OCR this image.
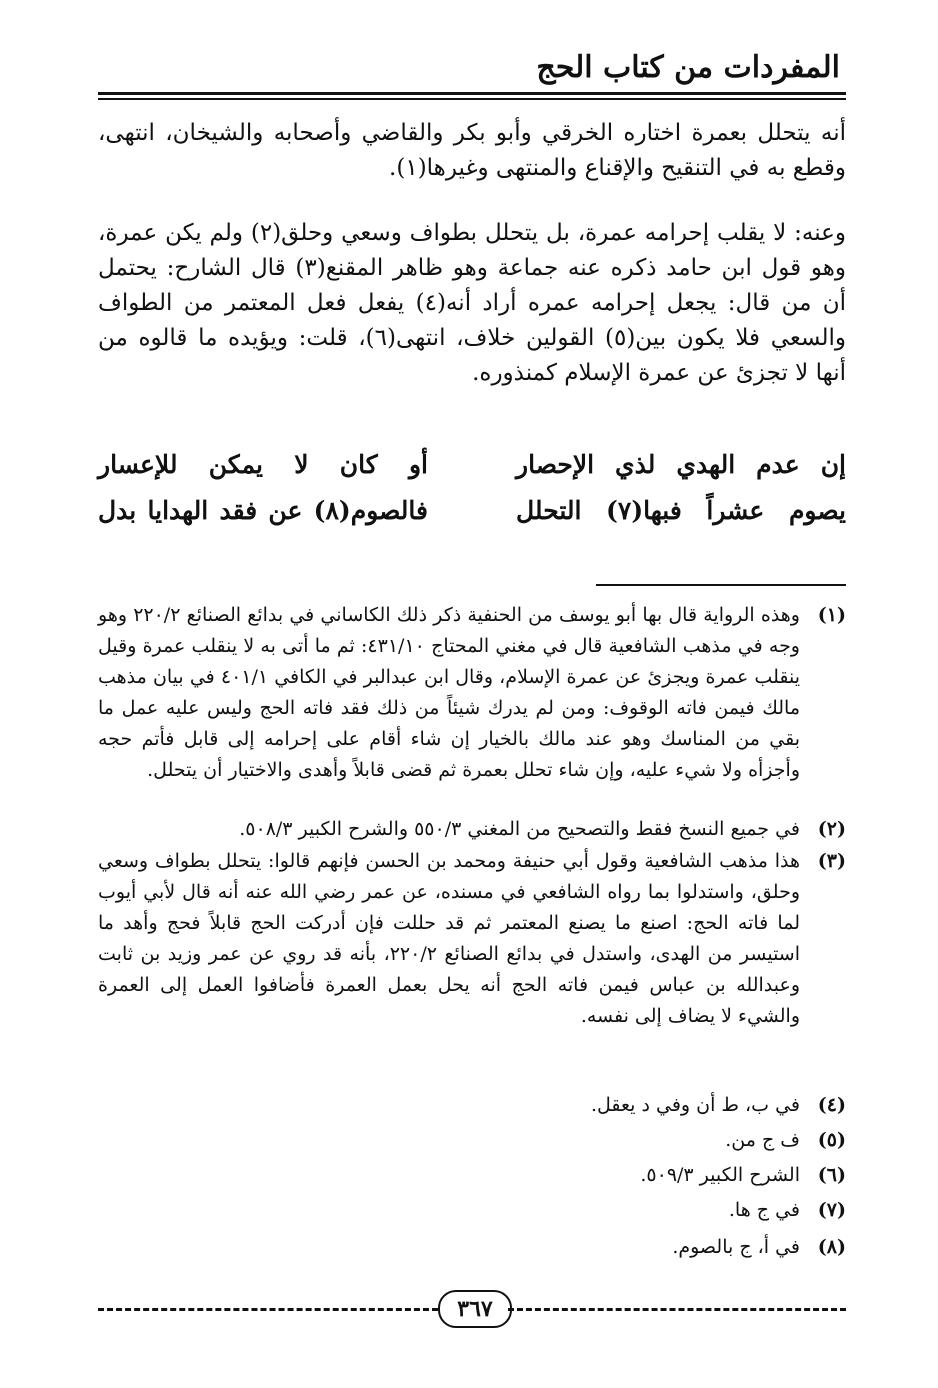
المفردات من كتاب الحج
أنه يتحلل بعمرة اختاره الخرقي وأبو بكر والقاضي وأصحابه والشيخان، انتهى، وقطع به في التنقيح والإقناع والمنتهى وغيرها(١).
وعنه: لا يقلب إحرامه عمرة، بل يتحلل بطواف وسعي وحلق(٢) ولم يكن عمرة، وهو قول ابن حامد ذكره عنه جماعة وهو ظاهر المقنع(٣) قال الشارح: يحتمل أن من قال: يجعل إحرامه عمره أراد أنه(٤) يفعل فعل المعتمر من الطواف والسعي فلا يكون بين(٥) القولين خلاف، انتهى(٦)، قلت: ويؤيده ما قالوه من أنها لا تجزئ عن عمرة الإسلام كمنذوره.
إن عدم الهدي لذي الإحصار
أو كان لا يمكن للإعسار
يصوم عشراً فبها(٧) التحلل
فالصوم(٨) عن فقد الهدايا بدل
(١)
وهذه الرواية قال بها أبو يوسف من الحنفية ذكر ذلك الكاساني في بدائع الصنائع ٢٢٠/٢ وهو وجه في مذهب الشافعية قال في مغني المحتاج ٤٣١/١٠: ثم ما أتى به لا ينقلب عمرة وقيل ينقلب عمرة ويجزئ عن عمرة الإسلام، وقال ابن عبدالبر في الكافي ٤٠١/١ في بيان مذهب مالك فيمن فاته الوقوف: ومن لم يدرك شيئاً من ذلك فقد فاته الحج وليس عليه عمل ما بقي من المناسك وهو عند مالك بالخيار إن شاء أقام على إحرامه إلى قابل فأتم حجه وأجزأه ولا شيء عليه، وإن شاء تحلل بعمرة ثم قضى قابلاً وأهدى والاختيار أن يتحلل.
(٢)
في جميع النسخ فقط والتصحيح من المغني ٥٥٠/٣ والشرح الكبير ٥٠٨/٣.
(٣)
هذا مذهب الشافعية وقول أبي حنيفة ومحمد بن الحسن فإنهم قالوا: يتحلل بطواف وسعي وحلق، واستدلوا بما رواه الشافعي في مسنده، عن عمر رضي الله عنه أنه قال لأبي أيوب لما فاته الحج: اصنع ما يصنع المعتمر ثم قد حللت فإن أدركت الحج قابلاً فحج وأهد ما استيسر من الهدى، واستدل في بدائع الصنائع ٢٢٠/٢، بأنه قد روي عن عمر وزيد بن ثابت وعبدالله بن عباس فيمن فاته الحج أنه يحل بعمل العمرة فأضافوا العمل إلى العمرة والشيء لا يضاف إلى نفسه.
(٤)
في ب، ط أن وفي د يعقل.
(٥)
ف ج من.
(٦)
الشرح الكبير ٥٠٩/٣.
(٧)
في ج ها.
(٨)
في أ، ج بالصوم.
٣٦٧
